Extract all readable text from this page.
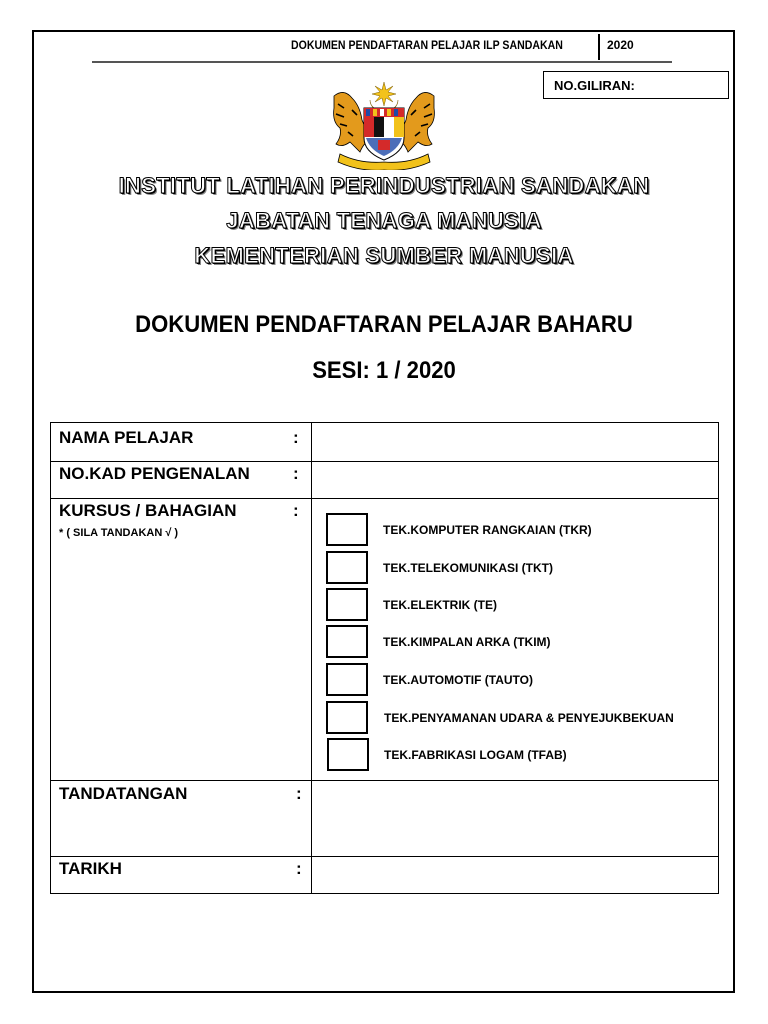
DOKUMEN PENDAFTARAN PELAJAR ILP SANDAKAN	2020
NO.GILIRAN:
INSTITUT LATIHAN PERINDUSTRIAN SANDAKAN
JABATAN TENAGA MANUSIA
KEMENTERIAN SUMBER MANUSIA
DOKUMEN PENDAFTARAN PELAJAR BAHARU
SESI: 1 / 2020
NAMA PELAJAR	:
NO.KAD PENGENALAN	:
KURSUS / BAHAGIAN	:
* ( SILA TANDAKAN √ )	TEK.KOMPUTER RANGKAIAN (TKR)
TEK.TELEKOMUNIKASI (TKT)
TEK.ELEKTRIK (TE)
TEK.KIMPALAN ARKA (TKIM)
TEK.AUTOMOTIF (TAUTO)
TEK.PENYAMANAN UDARA & PENYEJUKBEKUAN
TEK.FABRIKASI LOGAM (TFAB)
TANDATANGAN	:
TARIKH	:
